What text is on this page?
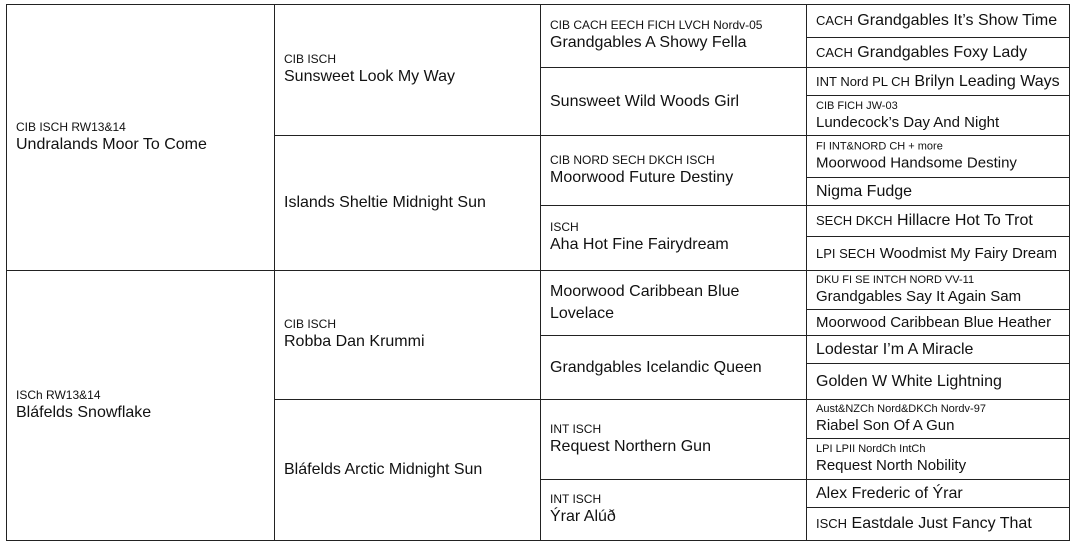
CIB ISCH RW13&14
Undralands Moor To Come
ISCh RW13&14
Bláfelds Snowflake
CIB ISCH
Sunsweet Look My Way
Islands Sheltie Midnight Sun
CIB ISCH
Robba Dan Krummi
Bláfelds Arctic Midnight Sun
CIB CACH EECH FICH LVCH Nordv-05
Grandgables A Showy Fella
Sunsweet Wild Woods Girl
CIB NORD SECH DKCH ISCH
Moorwood Future Destiny
ISCH
Aha Hot Fine Fairydream
Moorwood Caribbean Blue Lovelace
Grandgables Icelandic Queen
INT ISCH
Request Northern Gun
INT ISCH
Ýrar Alúð
CACH Grandgables It’s Show Time
CACH Grandgables Foxy Lady
INT Nord PL CH Brilyn Leading Ways
CIB FICH JW-03
Lundecock’s Day And Night
FI INT&NORD CH + more
Moorwood Handsome Destiny
Nigma Fudge
SECH DKCH Hillacre Hot To Trot
LPI SECH Woodmist My Fairy Dream
DKU FI SE INTCH NORD VV-11
Grandgables Say It Again Sam
Moorwood Caribbean Blue Heather
Lodestar I’m A Miracle
Golden W White Lightning
Aust&NZCh Nord&DKCh Nordv-97
Riabel Son Of A Gun
LPI LPII NordCh IntCh
Request North Nobility
Alex Frederic of Ýrar
ISCH Eastdale Just Fancy That
